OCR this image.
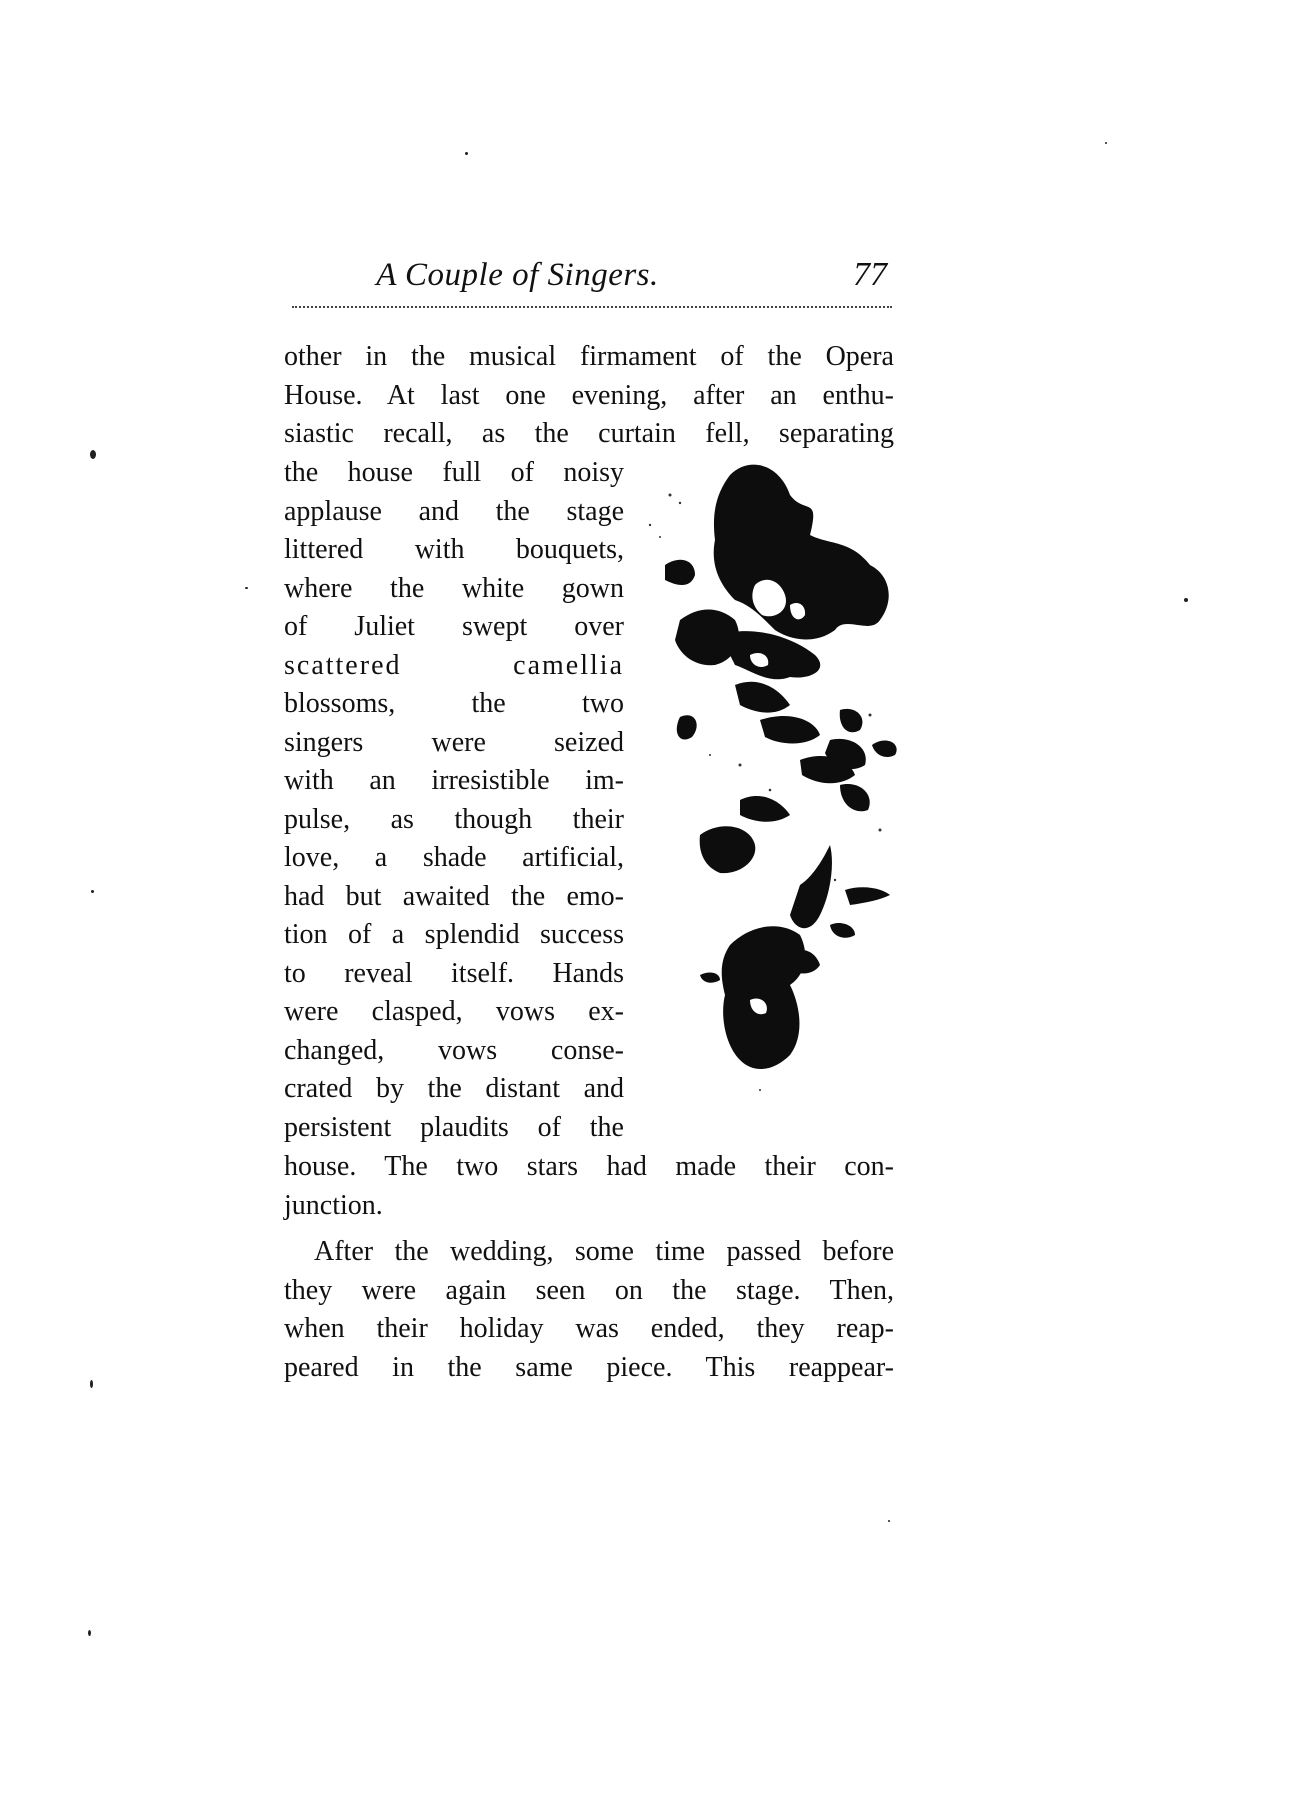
A Couple of Singers.	77
other in the musical firmament of the Opera
House. At last one evening, after an enthu-
siastic recall, as the curtain fell, separating
the house full of noisy
applause and the stage
littered with bouquets,
where the white gown
of Juliet swept over
scattered camellia
blossoms, the two
singers were seized
with an irresistible im-
pulse, as though their
love, a shade artificial,
had but awaited the emo-
tion of a splendid success
to reveal itself. Hands
were clasped, vows ex-
changed, vows conse-
crated by the distant and
persistent plaudits of the
house. The two stars had made their con-
junction.
After the wedding, some time passed before
they were again seen on the stage. Then,
when their holiday was ended, they reap-
peared in the same piece. This reappear-
